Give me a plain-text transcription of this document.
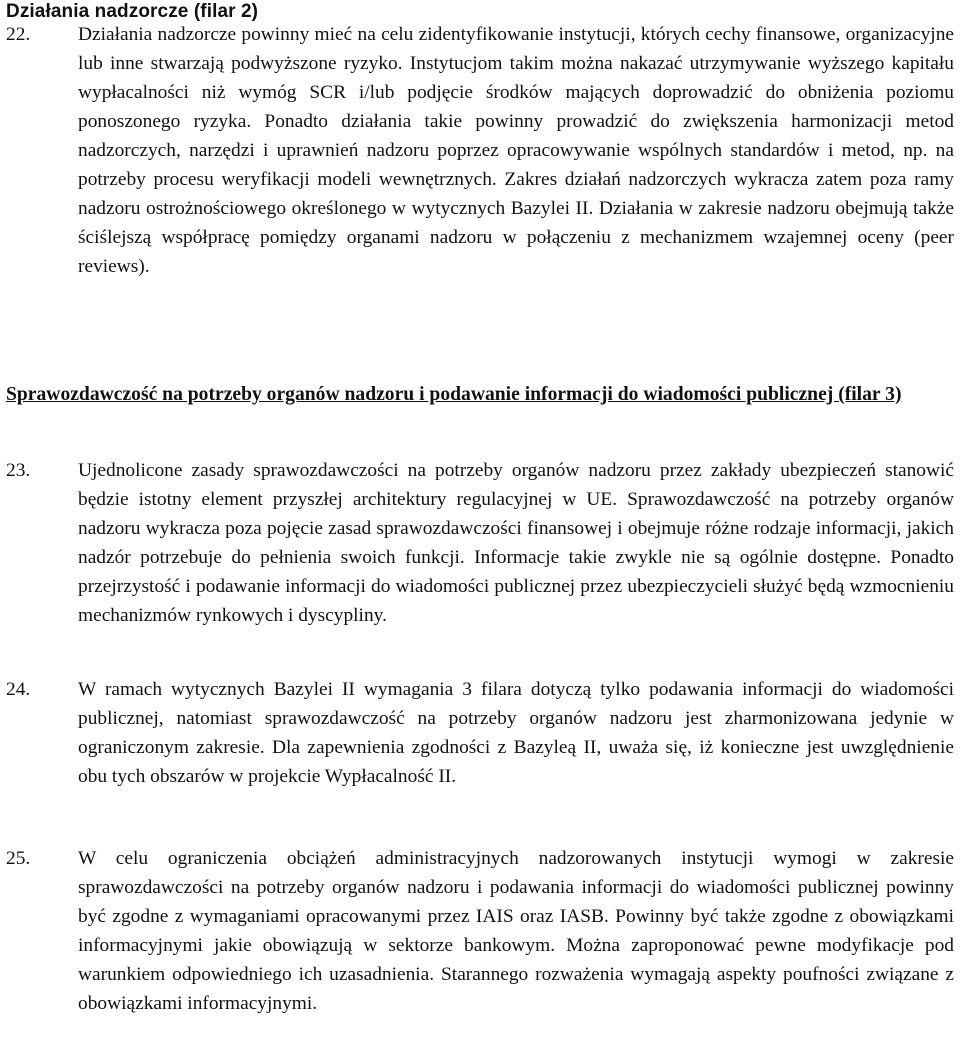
Działania nadzorcze (filar 2)
22. Działania nadzorcze powinny mieć na celu zidentyfikowanie instytucji, których cechy finansowe, organizacyjne lub inne stwarzają podwyższone ryzyko. Instytucjom takim można nakazać utrzymywanie wyższego kapitału wypłacalności niż wymóg SCR i/lub podjęcie środków mających doprowadzić do obniżenia poziomu ponoszonego ryzyka. Ponadto działania takie powinny prowadzić do zwiększenia harmonizacji metod nadzorczych, narzędzi i uprawnień nadzoru poprzez opracowywanie wspólnych standardów i metod, np. na potrzeby procesu weryfikacji modeli wewnętrznych. Zakres działań nadzorczych wykracza zatem poza ramy nadzoru ostrożnościowego określonego w wytycznych Bazylei II. Działania w zakresie nadzoru obejmują także ściślejszą współpracę pomiędzy organami nadzoru w połączeniu z mechanizmem wzajemnej oceny (peer reviews).
Sprawozdawczość na potrzeby organów nadzoru i podawanie informacji do wiadomości publicznej (filar 3)
23. Ujednolicone zasady sprawozdawczości na potrzeby organów nadzoru przez zakłady ubezpieczeń stanowić będzie istotny element przyszłej architektury regulacyjnej w UE. Sprawozdawczość na potrzeby organów nadzoru wykracza poza pojęcie zasad sprawozdawczości finansowej i obejmuje różne rodzaje informacji, jakich nadzór potrzebuje do pełnienia swoich funkcji. Informacje takie zwykle nie są ogólnie dostępne. Ponadto przejrzystość i podawanie informacji do wiadomości publicznej przez ubezpieczycieli służyć będą wzmocnieniu mechanizmów rynkowych i dyscypliny.
24. W ramach wytycznych Bazylei II wymagania 3 filara dotyczą tylko podawania informacji do wiadomości publicznej, natomiast sprawozdawczość na potrzeby organów nadzoru jest zharmonizowana jedynie w ograniczonym zakresie. Dla zapewnienia zgodności z Bazyleą II, uważa się, iż konieczne jest uwzględnienie obu tych obszarów w projekcie Wypłacalność II.
25. W celu ograniczenia obciążeń administracyjnych nadzorowanych instytucji wymogi w zakresie sprawozdawczości na potrzeby organów nadzoru i podawania informacji do wiadomości publicznej powinny być zgodne z wymaganiami opracowanymi przez IAIS oraz IASB. Powinny być także zgodne z obowiązkami informacyjnymi jakie obowiązują w sektorze bankowym. Można zaproponować pewne modyfikacje pod warunkiem odpowiedniego ich uzasadnienia. Starannego rozważenia wymagają aspekty poufności związane z obowiązkami informacyjnymi.
